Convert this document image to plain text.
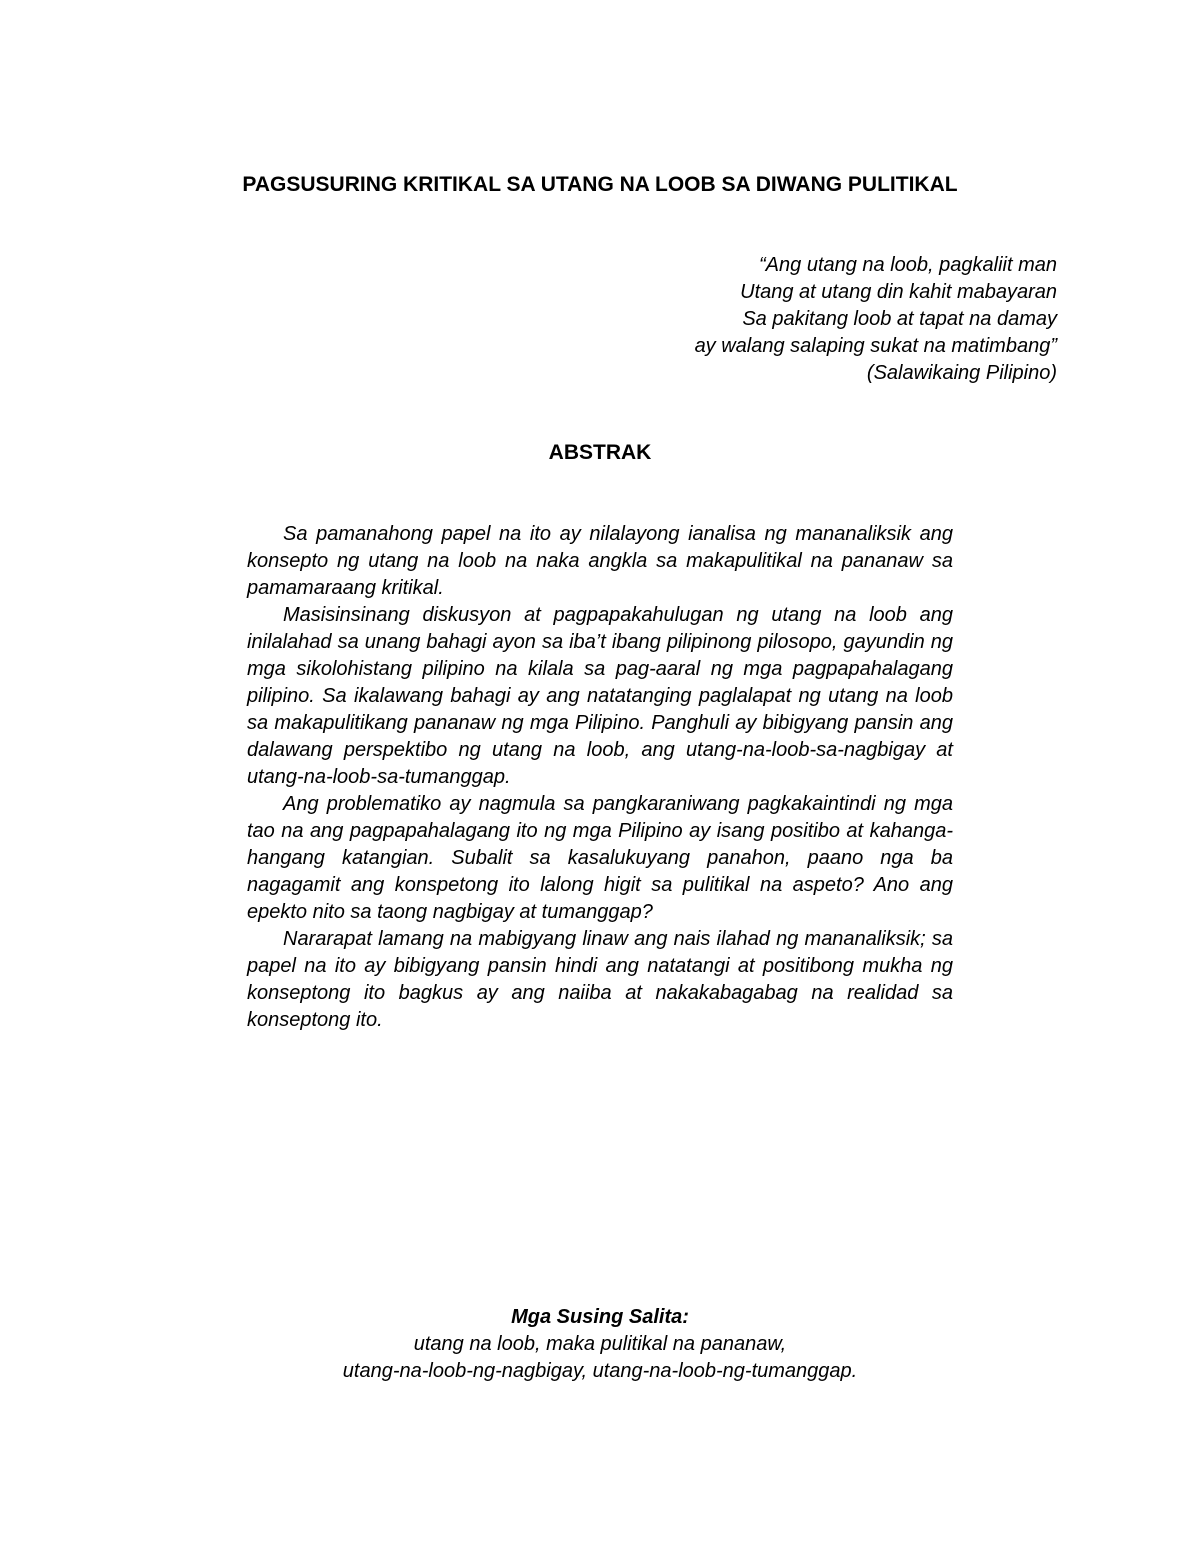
PAGSUSURING KRITIKAL SA UTANG NA LOOB SA DIWANG PULITIKAL
“Ang utang na loob, pagkaliit man
Utang at utang din kahit mabayaran
Sa pakitang loob at tapat na damay
ay walang salaping sukat na matimbang”
(Salawikaing Pilipino)
ABSTRAK

Sa pamanahong papel na ito ay nilalayong ianalisa ng mananaliksik ang konsepto ng utang na loob na naka angkla sa makapulitikal na pananaw sa pamamaraang kritikal.

Masisinsinang diskusyon at pagpapakahulugan ng utang na loob ang inilalahad sa unang bahagi ayon sa iba’t ibang pilipinong pilosopo, gayundin ng mga sikolohistang pilipino na kilala sa pag-aaral ng mga pagpapahalagang pilipino. Sa ikalawang bahagi ay ang natatanging paglalapat ng utang na loob sa makapulitikang pananaw ng mga Pilipino. Panghuli ay bibigyang pansin ang dalawang perspektibo ng utang na loob, ang utang-na-loob-sa-nagbigay at utang-na-loob-sa-tumanggap.

Ang problematiko ay nagmula sa pangkaraniwang pagkakaintindi ng mga tao na ang pagpapahalagang ito ng mga Pilipino ay isang positibo at kahanga-hangang katangian. Subalit sa kasalukuyang panahon, paano nga ba nagagamit ang konspetong ito lalong higit sa pulitikal na aspeto? Ano ang epekto nito sa taong nagbigay at tumanggap?

Nararapat lamang na mabigyang linaw ang nais ilahad ng mananaliksik; sa papel na ito ay bibigyang pansin hindi ang natatangi at positibong mukha ng konseptong ito bagkus ay ang naiiba at nakakabagabag na realidad sa konseptong ito.

Mga Susing Salita:
utang na loob, maka pulitikal na pananaw,
utang-na-loob-ng-nagbigay, utang-na-loob-ng-tumanggap.
